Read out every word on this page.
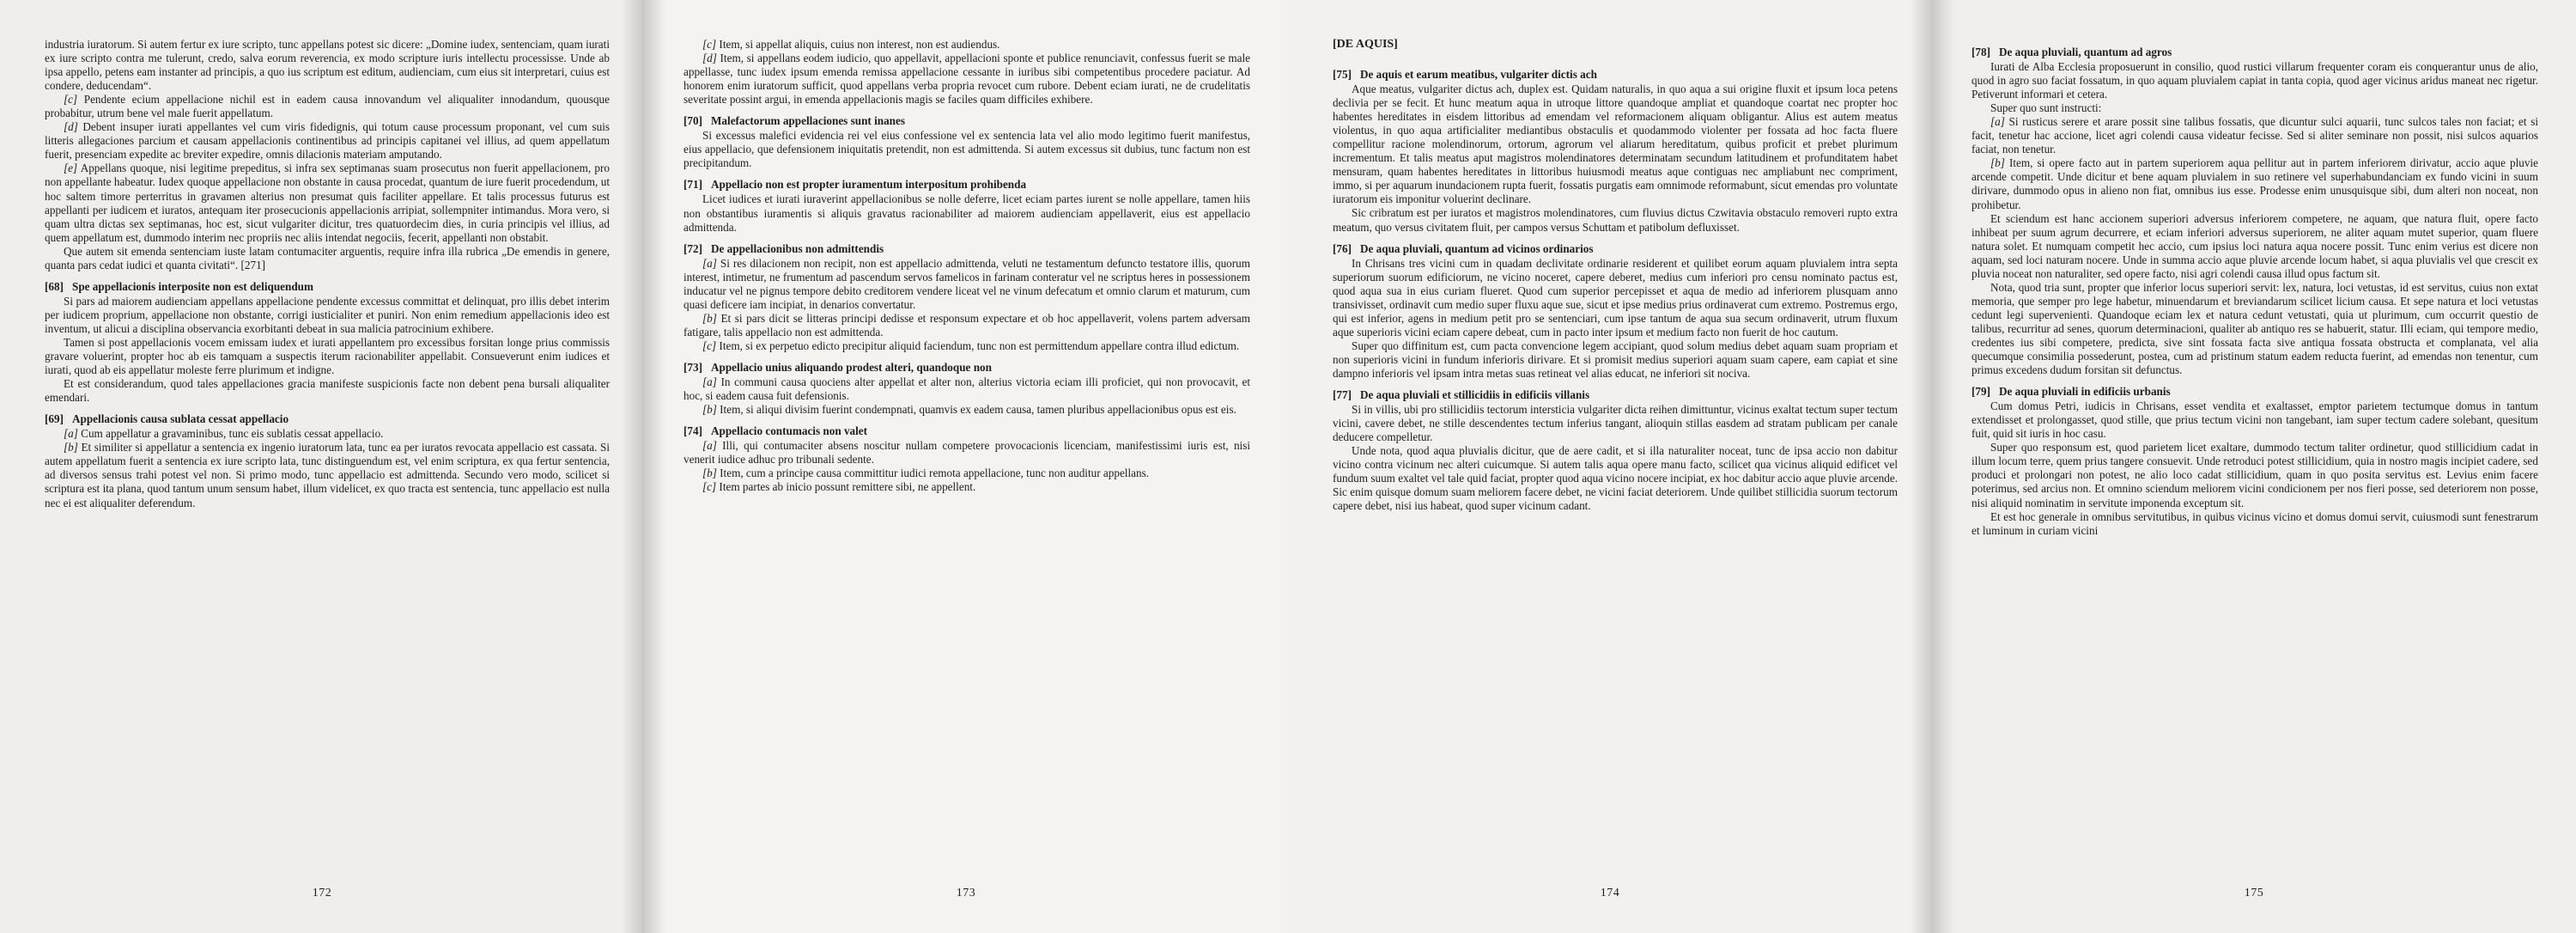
industria iuratorum. Si autem fertur ex iure scripto, tunc appellans potest sic dicere: „Domine iudex, sentenciam, quam iurati ex iure scripto contra me tulerunt, credo, salva eorum reverencia, ex modo scripture iuris intellectu processisse. Unde ab ipsa appello, petens eam instanter ad principis, a quo ius scriptum est editum, audienciam, cum eius sit interpretari, cuius est condere, deducendam“.

[c] Pendente ecium appellacione nichil est in eadem causa innovandum vel aliqualiter innodandum, quousque probabitur, utrum bene vel male fuerit appellatum.

[d] Debent insuper iurati appellantes vel cum viris fidedignis, qui totum cause processum proponant, vel cum suis litteris allegaciones parcium et causam appellacionis continentibus ad principis capitanei vel illius, ad quem appellatum fuerit, presenciam expedite ac breviter expedire, omnis dilacionis materiam amputando.

[e] Appellans quoque, nisi legitime prepeditus, si infra sex septimanas suam prosecutus non fuerit appellacionem, pro non appellante habeatur. Iudex quoque appellacione non obstante in causa procedat, quantum de iure fuerit procedendum, ut hoc saltem timore perterritus in gravamen alterius non presumat quis faciliter appellare. Et talis processus futurus est appellanti per iudicem et iuratos, antequam iter prosecucionis appellacionis arripiat, sollempniter intimandus. Mora vero, si quam ultra dictas sex septimanas, hoc est, sicut vulgariter dicitur, tres quatuordecim dies, in curia principis vel illius, ad quem appellatum est, dummodo interim nec propriis nec aliis intendat negociis, fecerit, appellanti non obstabit.

Que autem sit emenda sentenciam iuste latam contumaciter arguentis, require infra illa rubrica „De emendis in genere, quanta pars cedat iudici et quanta civitati“. [271]

[68] Spe appellacionis interposite non est deliquendum

Si pars ad maiorem audienciam appellans appellacione pendente excessus committat et delinquat, pro illis debet interim per iudicem proprium, appellacione non obstante, corrigi iusticialiter et puniri. Non enim remedium appellacionis ideo est inventum, ut alicui a disciplina observancia exorbitanti debeat in sua malicia patrocinium exhibere.

Tamen si post appellacionis vocem emissam iudex et iurati appellantem pro excessibus forsitan longe prius commissis gravare voluerint, propter hoc ab eis tamquam a suspectis iterum racionabiliter appellabit. Consueverunt enim iudices et iurati, quod ab eis appellatur moleste ferre plurimum et indigne.

Et est considerandum, quod tales appellaciones gracia manifeste suspicionis facte non debent pena bursali aliqualiter emendari.

[69] Appellacionis causa sublata cessat appellacio

[a] Cum appellatur a gravaminibus, tunc eis sublatis cessat appellacio.

[b] Et similiter si appellatur a sentencia ex ingenio iuratorum lata, tunc ea per iuratos revocata appellacio est cassata. Si autem appellatum fuerit a sentencia ex iure scripto lata, tunc distinguendum est, vel enim scriptura, ex qua fertur sentencia, ad diversos sensus trahi potest vel non. Si primo modo, tunc appellacio est admittenda. Secundo vero modo, scilicet si scriptura est ita plana, quod tantum unum sensum habet, illum videlicet, ex quo tracta est sentencia, tunc appellacio est nulla nec ei est aliqualiter deferendum.

172

[c] Item, si appellat aliquis, cuius non interest, non est audiendus.

[d] Item, si appellans eodem iudicio, quo appellavit, appellacioni sponte et publice renunciavit, confessus fuerit se male appellasse, tunc iudex ipsum emenda remissa appellacione cessante in iuribus sibi competentibus procedere paciatur. Ad honorem enim iuratorum sufficit, quod appellans verba propria revocet cum rubore. Debent eciam iurati, ne de crudelitatis severitate possint argui, in emenda appellacionis magis se faciles quam difficiles exhibere.

[70] Malefactorum appellaciones sunt inanes

Si excessus malefici evidencia rei vel eius confessione vel ex sentencia lata vel alio modo legitimo fuerit manifestus, eius appellacio, que defensionem iniquitatis pretendit, non est admittenda. Si autem excessus sit dubius, tunc factum non est precipitandum.

[71] Appellacio non est propter iuramentum interpositum prohibenda

Licet iudices et iurati iuraverint appellacionibus se nolle deferre, licet eciam partes iurent se nolle appellare, tamen hiis non obstantibus iuramentis si aliquis gravatus racionabiliter ad maiorem audienciam appellaverit, eius est appellacio admittenda.

[72] De appellacionibus non admittendis

[a] Si res dilacionem non recipit, non est appellacio admittenda, veluti ne testamentum defuncto testatore illis, quorum interest, intimetur, ne frumentum ad pascendum servos famelicos in farinam conteratur vel ne scriptus heres in possessionem inducatur vel ne pignus tempore debito creditorem vendere liceat vel ne vinum defecatum et omnio clarum et maturum, cum quasi deficere iam incipiat, in denarios convertatur.

[b] Et si pars dicit se litteras principi dedisse et responsum expectare et ob hoc appellaverit, volens partem adversam fatigare, talis appellacio non est admittenda.

[c] Item, si ex perpetuo edicto precipitur aliquid faciendum, tunc non est permittendum appellare contra illud edictum.

[73] Appellacio unius aliquando prodest alteri, quandoque non

[a] In communi causa quociens alter appellat et alter non, alterius victoria eciam illi proficiet, qui non provocavit, et hoc, si eadem causa fuit defensionis.

[b] Item, si aliqui divisim fuerint condempnati, quamvis ex eadem causa, tamen pluribus appellacionibus opus est eis.

[74] Appellacio contumacis non valet

[a] Illi, qui contumaciter absens noscitur nullam competere provocacionis licenciam, manifestissimi iuris est, nisi venerit iudice adhuc pro tribunali sedente.

[b] Item, cum a principe causa committitur iudici remota appellacione, tunc non auditur appellans.

[c] Item partes ab inicio possunt remittere sibi, ne appellent.

173
[DE AQUIS]
[75] De aquis et earum meatibus, vulgariter dictis ach

Aque meatus, vulgariter dictus ach, duplex est. Quidam naturalis, in quo aqua a sui origine fluxit et ipsum loca petens declivia per se fecit. Et hunc meatum aqua in utroque littore quandoque ampliat et quandoque coartat nec propter hoc habentes hereditates in eisdem littoribus ad emendam vel reformacionem aliquam obligantur. Alius est autem meatus violentus, in quo aqua artificialiter mediantibus obstaculis et quodammodo violenter per fossata ad hoc facta fluere compellitur racione molendinorum, ortorum, agrorum vel aliarum hereditatum, quibus proficit et prebet plurimum incrementum. Et talis meatus aput magistros molendinatores determinatam secundum latitudinem et profunditatem habet mensuram, quam habentes hereditates in littoribus huiusmodi meatus aque contiguas nec ampliabunt nec compriment, immo, si per aquarum inundacionem rupta fuerit, fossatis purgatis eam omnimode reformabunt, sicut emendas pro voluntate iuratorum eis imponitur voluerint declinare.

Sic cribratum est per iuratos et magistros molendinatores, cum fluvius dictus Czwitavia obstaculo removeri rupto extra meatum, quo versus civitatem fluit, per campos versus Schuttam et patibolum defluxisset.

[76] De aqua pluviali, quantum ad vicinos ordinarios

In Chrisans tres vicini cum in quadam declivitate ordinarie residerent et quilibet eorum aquam pluvialem intra septa superiorum suorum edificiorum, ne vicino noceret, capere deberet, medius cum inferiori pro censu nominato pactus est, quod aqua sua in eius curiam flueret. Quod cum superior percepisset et aqua de medio ad inferiorem plusquam anno transivisset, ordinavit cum medio super fluxu aque sue, sicut et ipse medius prius ordinaverat cum extremo. Postremus ergo, qui est inferior, agens in medium petit pro se sentenciari, cum ipse tantum de aqua sua secum ordinaverit, utrum fluxum aque superioris vicini eciam capere debeat, cum in pacto inter ipsum et medium facto non fuerit de hoc cautum.

Super quo diffinitum est, cum pacta convencione legem accipiant, quod solum medius debet aquam suam propriam et non superioris vicini in fundum inferioris dirivare. Et si promisit medius superiori aquam suam capere, eam capiat et sine dampno inferioris vel ipsam intra metas suas retineat vel alias educat, ne inferiori sit nociva.

[77] De aqua pluviali et stillicidiis in edificiis villanis

Si in villis, ubi pro stillicidiis tectorum intersticia vulgariter dicta reihen dimittuntur, vicinus exaltat tectum super tectum vicini, cavere debet, ne stille descendentes tectum inferius tangant, alioquin stillas easdem ad stratam publicam per canale deducere compelletur.

Unde nota, quod aqua pluvialis dicitur, que de aere cadit, et si illa naturaliter noceat, tunc de ipsa accio non dabitur vicino contra vicinum nec alteri cuicumque. Si autem talis aqua opere manu facto, scilicet qua vicinus aliquid edificet vel fundum suum exaltet vel tale quid faciat, propter quod aqua vicino nocere incipiat, ex hoc dabitur accio aque pluvie arcende. Sic enim quisque domum suam meliorem facere debet, ne vicini faciat deteriorem. Unde quilibet stillicidia suorum tectorum capere debet, nisi ius habeat, quod super vicinum cadant.

174
[78] De aqua pluviali, quantum ad agros

Iurati de Alba Ecclesia proposuerunt in consilio, quod rustici villarum frequenter coram eis conquerantur unus de alio, quod in agro suo faciat fossatum, in quo aquam pluvialem capiat in tanta copia, quod ager vicinus aridus maneat nec rigetur. Petiverunt informari et cetera.

Super quo sunt instructi:

[a] Si rusticus serere et arare possit sine talibus fossatis, que dicuntur sulci aquarii, tunc sulcos tales non faciat; et si facit, tenetur hac accione, licet agri colendi causa videatur fecisse. Sed si aliter seminare non possit, nisi sulcos aquarios faciat, non tenetur.

[b] Item, si opere facto aut in partem superiorem aqua pellitur aut in partem inferiorem dirivatur, accio aque pluvie arcende competit. Unde dicitur et bene aquam pluvialem in suo retinere vel superhabundanciam ex fundo vicini in suum dirivare, dummodo opus in alieno non fiat, omnibus ius esse. Prodesse enim unusquisque sibi, dum alteri non noceat, non prohibetur.

Et sciendum est hanc accionem superiori adversus inferiorem competere, ne aquam, que natura fluit, opere facto inhibeat per suum agrum decurrere, et eciam inferiori adversus superiorem, ne aliter aquam mutet superior, quam fluere natura solet. Et numquam competit hec accio, cum ipsius loci natura aqua nocere possit. Tunc enim verius est dicere non aquam, sed loci naturam nocere. Unde in summa accio aque pluvie arcende locum habet, si aqua pluvialis vel que crescit ex pluvia noceat non naturaliter, sed opere facto, nisi agri colendi causa illud opus factum sit.

Nota, quod tria sunt, propter que inferior locus superiori servit: lex, natura, loci vetustas, id est servitus, cuius non extat memoria, que semper pro lege habetur, minuendarum et breviandarum scilicet licium causa. Et sepe natura et loci vetustas cedunt legi supervenienti. Quandoque eciam lex et natura cedunt vetustati, quia ut plurimum, cum occurrit questio de talibus, recurritur ad senes, quorum determinacioni, qualiter ab antiquo res se habuerit, statur. Illi eciam, qui tempore medio, credentes ius sibi competere, predicta, sive sint fossata facta sive antiqua fossata obstructa et complanata, vel alia quecumque consimilia possederunt, postea, cum ad pristinum statum eadem reducta fuerint, ad emendas non tenentur, cum primus excedens dudum forsitan sit defunctus.

[79] De aqua pluviali in edificiis urbanis

Cum domus Petri, iudicis in Chrisans, esset vendita et exaltasset, emptor parietem tectumque domus in tantum extendisset et prolongasset, quod stille, que prius tectum vicini non tangebant, iam super tectum cadere solebant, quesitum fuit, quid sit iuris in hoc casu.

Super quo responsum est, quod parietem licet exaltare, dummodo tectum taliter ordinetur, quod stillicidium cadat in illum locum terre, quem prius tangere consuevit. Unde retroduci potest stillicidium, quia in nostro magis incipiet cadere, sed produci et prolongari non potest, ne alio loco cadat stillicidium, quam in quo posita servitus est. Levius enim facere poterimus, sed arcius non. Et omnino sciendum meliorem vicini condicionem per nos fieri posse, sed deteriorem non posse, nisi aliquid nominatim in servitute imponenda exceptum sit.

Et est hoc generale in omnibus servitutibus, in quibus vicinus vicino et domus domui servit, cuiusmodi sunt fenestrarum et luminum in curiam vicini

175
